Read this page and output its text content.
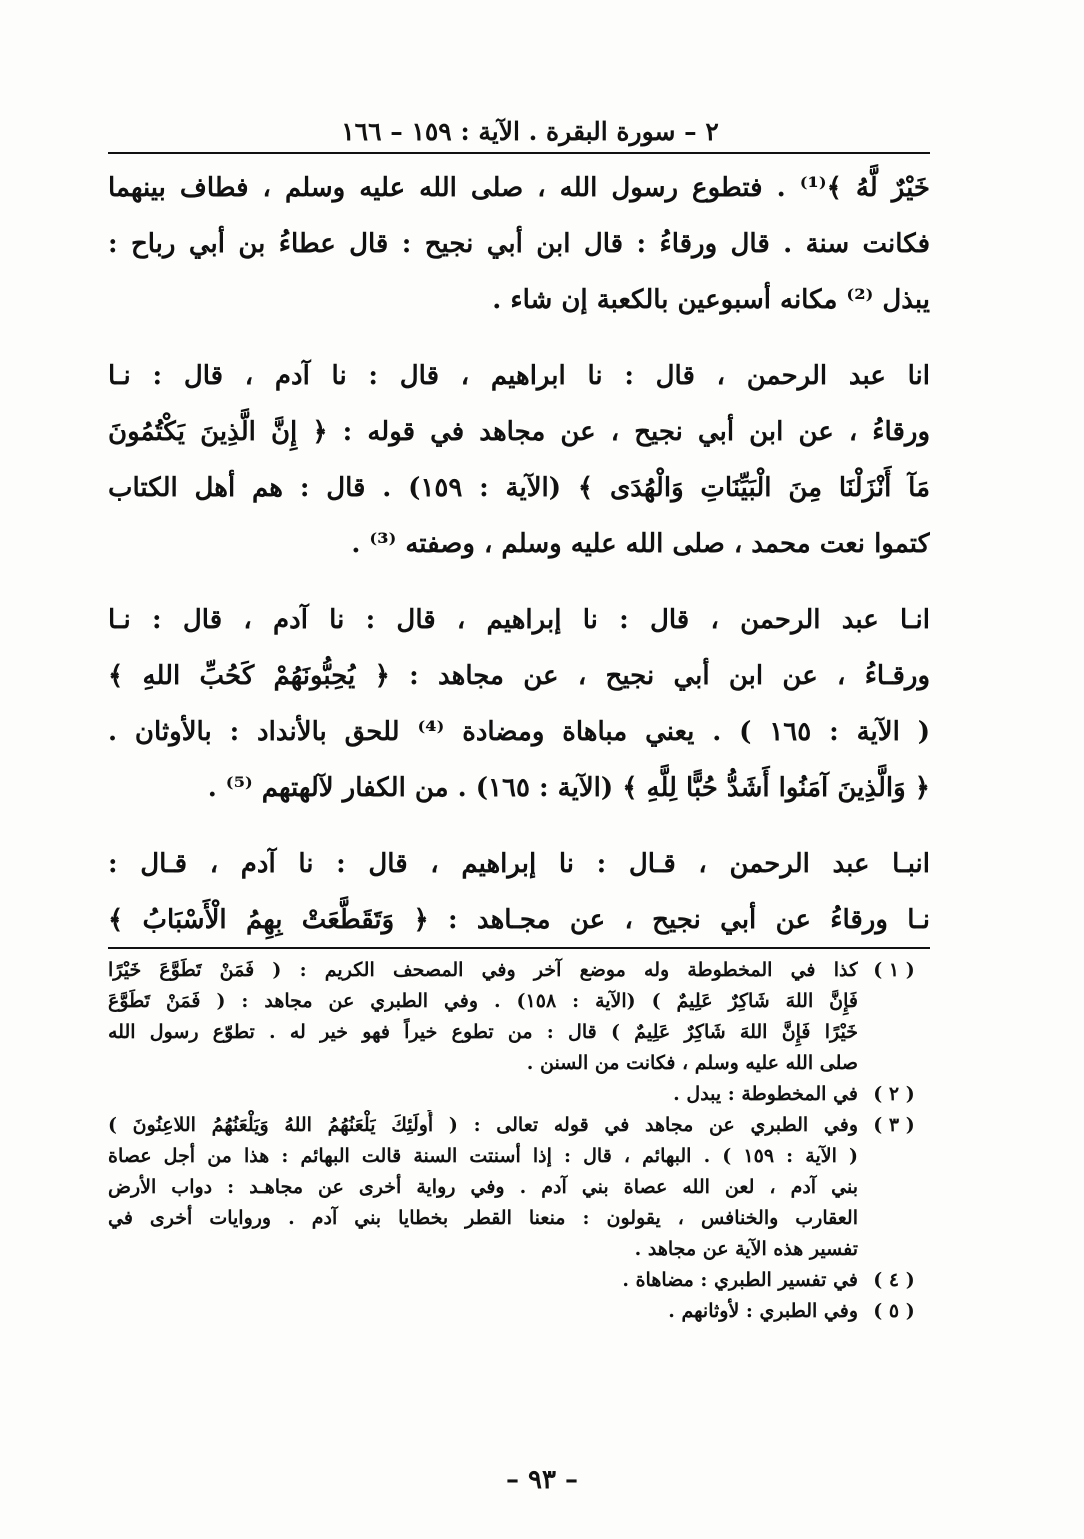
٢ – سورة البقرة . الآية : ١٥٩ – ١٦٦
خَيْرٌ لَّهُ ﴾⁽¹⁾ . فتطوع رسول الله ، صلى الله عليه وسلم ، فطاف بينهما
فكانت سنة . قال ورقاءُ : قال ابن أبي نجيح : قال عطاءُ بن أبي رباح :
يبذل ⁽²⁾ مكانه أسبوعين بالكعبة إن شاء .
انا عبد الرحمن ، قال : نا ابراهيم ، قال : نا آدم ، قال : نـا
ورقاءُ ، عن ابن أبي نجيح ، عن مجاهد في قوله : ﴿ إِنَّ الَّذِينَ يَكْتُمُونَ
مَآ أَنْزَلْنَا مِنَ الْبَيِّنَاتِ وَالْهُدَى ﴾ (الآية : ١٥٩) . قال : هم أهل الكتاب
كتموا نعت محمد ، صلى الله عليه وسلم ، وصفته ⁽³⁾ .
انـا عبد الرحمن ، قال : نا إبراهيم ، قال : نا آدم ، قال : نـا
ورقـاءُ ، عن ابن أبي نجيح ، عن مجاهد : ﴿ يُحِبُّونَهُمْ كَحُبِّ اللهِ ﴾
( الآية : ١٦٥ ) . يعني مباهاة ومضادة ⁽⁴⁾ للحق بالأنداد : بالأوثان .
﴿ وَالَّذِينَ آمَنُوا أَشَدُّ حُبًّا لِلَّهِ ﴾ (الآية : ١٦٥) . من الكفار لآلهتهم ⁽⁵⁾ .
انبـا عبد الرحمن ، قـال : نا إبراهيم ، قال : نا آدم ، قـال :
نـا ورقاءُ عن أبي نجيح ، عن مجـاهد : ﴿ وَتَقَطَّعَتْ بِهِمُ الْأَسْبَابُ ﴾
( ١ )
كذا في المخطوطة وله موضع آخر وفي المصحف الكريم : ( فَمَنْ تَطَوَّعَ خَيْرًا
فَإِنَّ اللهَ شَاكِرٌ عَلِيمٌ ) (الآية : ١٥٨) . وفي الطبري عن مجاهد : ( فَمَنْ تَطَوَّعَ
خَيْرًا فَإِنَّ اللهَ شَاكِرٌ عَلِيمٌ ) قال : من تطوع خيراً فهو خير له . تطوّع رسول الله
صلى الله عليه وسلم ، فكانت من السنن .
( ٢ )
في المخطوطة : يبدل .
( ٣ )
وفي الطبري عن مجاهد في قوله تعالى : ( أُولَئِكَ يَلْعَنُهُمُ اللهُ وَيَلْعَنُهُمُ اللاعِنُونَ )
( الآية : ١٥٩ ) . البهائم ، قال : إذا أسنتت السنة قالت البهائم : هذا من أجل عصاة
بني آدم ، لعن الله عصاة بني آدم . وفي رواية أخرى عن مجاهـد : دواب الأرض
العقارب والخنافس ، يقولون : منعنا القطر بخطايا بني آدم . وروايات أخرى في
تفسير هذه الآية عن مجاهد .
( ٤ )
في تفسير الطبري : مضاهاة .
( ٥ )
وفي الطبري : لأوثانهم .
– ٩٣ –
